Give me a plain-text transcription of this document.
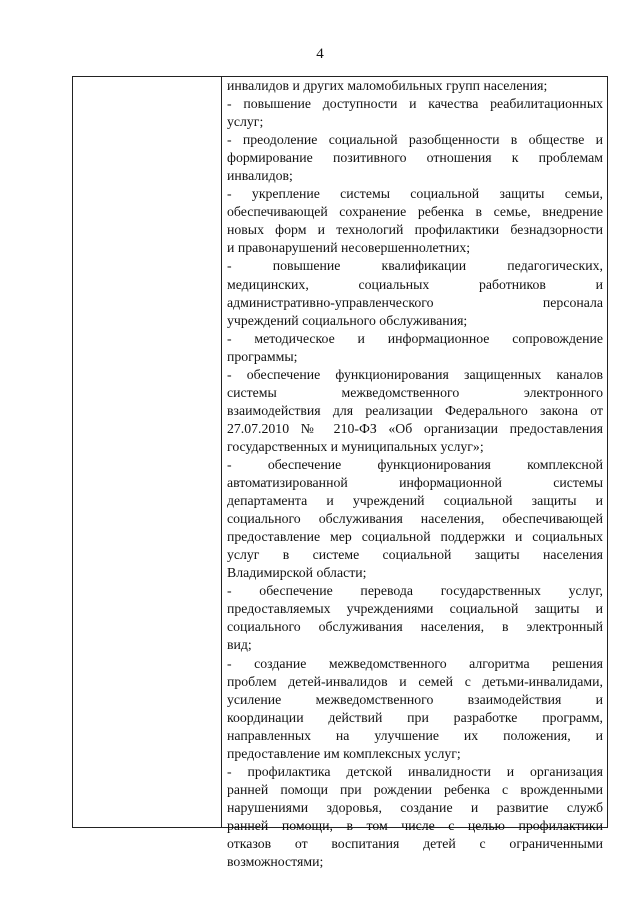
4
инвалидов и других маломобильных групп населения;
- повышение доступности и качества реабилитационных
услуг;
- преодоление социальной разобщенности в обществе и
формирование позитивного отношения к проблемам
инвалидов;
- укрепление системы социальной защиты семьи,
обеспечивающей сохранение ребенка в семье, внедрение
новых форм и технологий профилактики безнадзорности
и правонарушений несовершеннолетних;
- повышение квалификации педагогических,
медицинских, социальных работников и
административно-управленческого персонала
учреждений социального обслуживания;
- методическое и информационное сопровождение
программы;
- обеспечение функционирования защищенных каналов
системы межведомственного электронного
взаимодействия для реализации Федерального закона от
27.07.2010 № 210-ФЗ «Об организации предоставления
государственных и муниципальных услуг»;
- обеспечение функционирования комплексной
автоматизированной информационной системы
департамента и учреждений социальной защиты и
социального обслуживания населения, обеспечивающей
предоставление мер социальной поддержки и социальных
услуг в системе социальной защиты населения
Владимирской области;
- обеспечение перевода государственных услуг,
предоставляемых учреждениями социальной защиты и
социального обслуживания населения, в электронный
вид;
- создание межведомственного алгоритма решения
проблем детей-инвалидов и семей с детьми-инвалидами,
усиление межведомственного взаимодействия и
координации действий при разработке программ,
направленных на улучшение их положения, и
предоставление им комплексных услуг;
- профилактика детской инвалидности и организация
ранней помощи при рождении ребенка с врожденными
нарушениями здоровья, создание и развитие служб
ранней помощи, в том числе с целью профилактики
отказов от воспитания детей с ограниченными
возможностями;
